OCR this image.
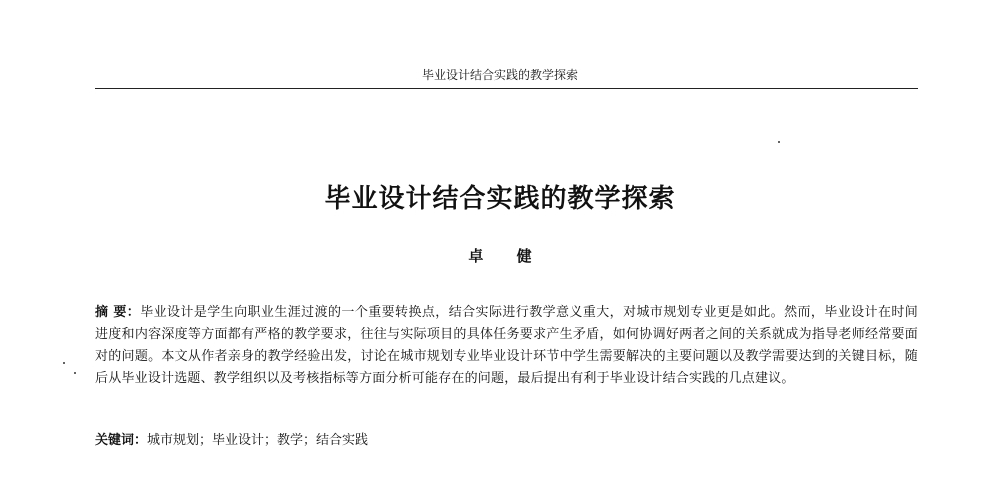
毕业设计结合实践的教学探索
毕业设计结合实践的教学探索
卓 健
摘 要：毕业设计是学生向职业生涯过渡的一个重要转换点，结合实际进行教学意义重大，对城市规划专业更是如此。然而，毕业设计在时间进度和内容深度等方面都有严格的教学要求，往往与实际项目的具体任务要求产生矛盾，如何协调好两者之间的关系就成为指导老师经常要面对的问题。本文从作者亲身的教学经验出发，讨论在城市规划专业毕业设计环节中学生需要解决的主要问题以及教学需要达到的关键目标，随后从毕业设计选题、教学组织以及考核指标等方面分析可能存在的问题，最后提出有利于毕业设计结合实践的几点建议。
关键词：城市规划；毕业设计；教学；结合实践
